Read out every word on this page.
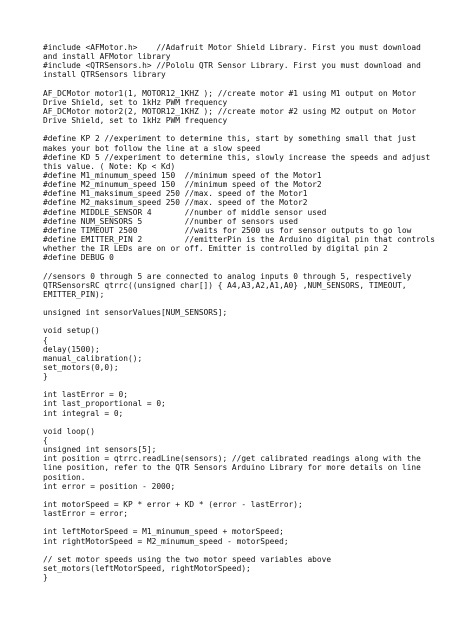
#include <AFMotor.h>    //Adafruit Motor Shield Library. First you must download
and install AFMotor library
#include <QTRSensors.h> //Pololu QTR Sensor Library. First you must download and
install QTRSensors library
AF_DCMotor motor1(1, MOTOR12_1KHZ ); //create motor #1 using M1 output on Motor
Drive Shield, set to 1kHz PWM frequency
AF_DCMotor motor2(2, MOTOR12_1KHZ ); //create motor #2 using M2 output on Motor
Drive Shield, set to 1kHz PWM frequency
#define KP 2 //experiment to determine this, start by something small that just
makes your bot follow the line at a slow speed
#define KD 5 //experiment to determine this, slowly increase the speeds and adjust
this value. ( Note: Kp < Kd)
#define M1_minumum_speed 150  //minimum speed of the Motor1
#define M2_minumum_speed 150  //minimum speed of the Motor2
#define M1_maksimum_speed 250 //max. speed of the Motor1
#define M2_maksimum_speed 250 //max. speed of the Motor2
#define MIDDLE_SENSOR 4       //number of middle sensor used
#define NUM_SENSORS 5         //number of sensors used
#define TIMEOUT 2500          //waits for 2500 us for sensor outputs to go low
#define EMITTER_PIN 2         //emitterPin is the Arduino digital pin that controls
whether the IR LEDs are on or off. Emitter is controlled by digital pin 2
#define DEBUG 0
//sensors 0 through 5 are connected to analog inputs 0 through 5, respectively
QTRSensorsRC qtrrc((unsigned char[]) { A4,A3,A2,A1,A0} ,NUM_SENSORS, TIMEOUT,
EMITTER_PIN);
unsigned int sensorValues[NUM_SENSORS];
void setup()
{
delay(1500);
manual_calibration();
set_motors(0,0);
}
int lastError = 0;
int last_proportional = 0;
int integral = 0;
void loop()
{
unsigned int sensors[5];
int position = qtrrc.readLine(sensors); //get calibrated readings along with the
line position, refer to the QTR Sensors Arduino Library for more details on line
position.
int error = position - 2000;
int motorSpeed = KP * error + KD * (error - lastError);
lastError = error;
int leftMotorSpeed = M1_minumum_speed + motorSpeed;
int rightMotorSpeed = M2_minumum_speed - motorSpeed;
// set motor speeds using the two motor speed variables above
set_motors(leftMotorSpeed, rightMotorSpeed);
}
